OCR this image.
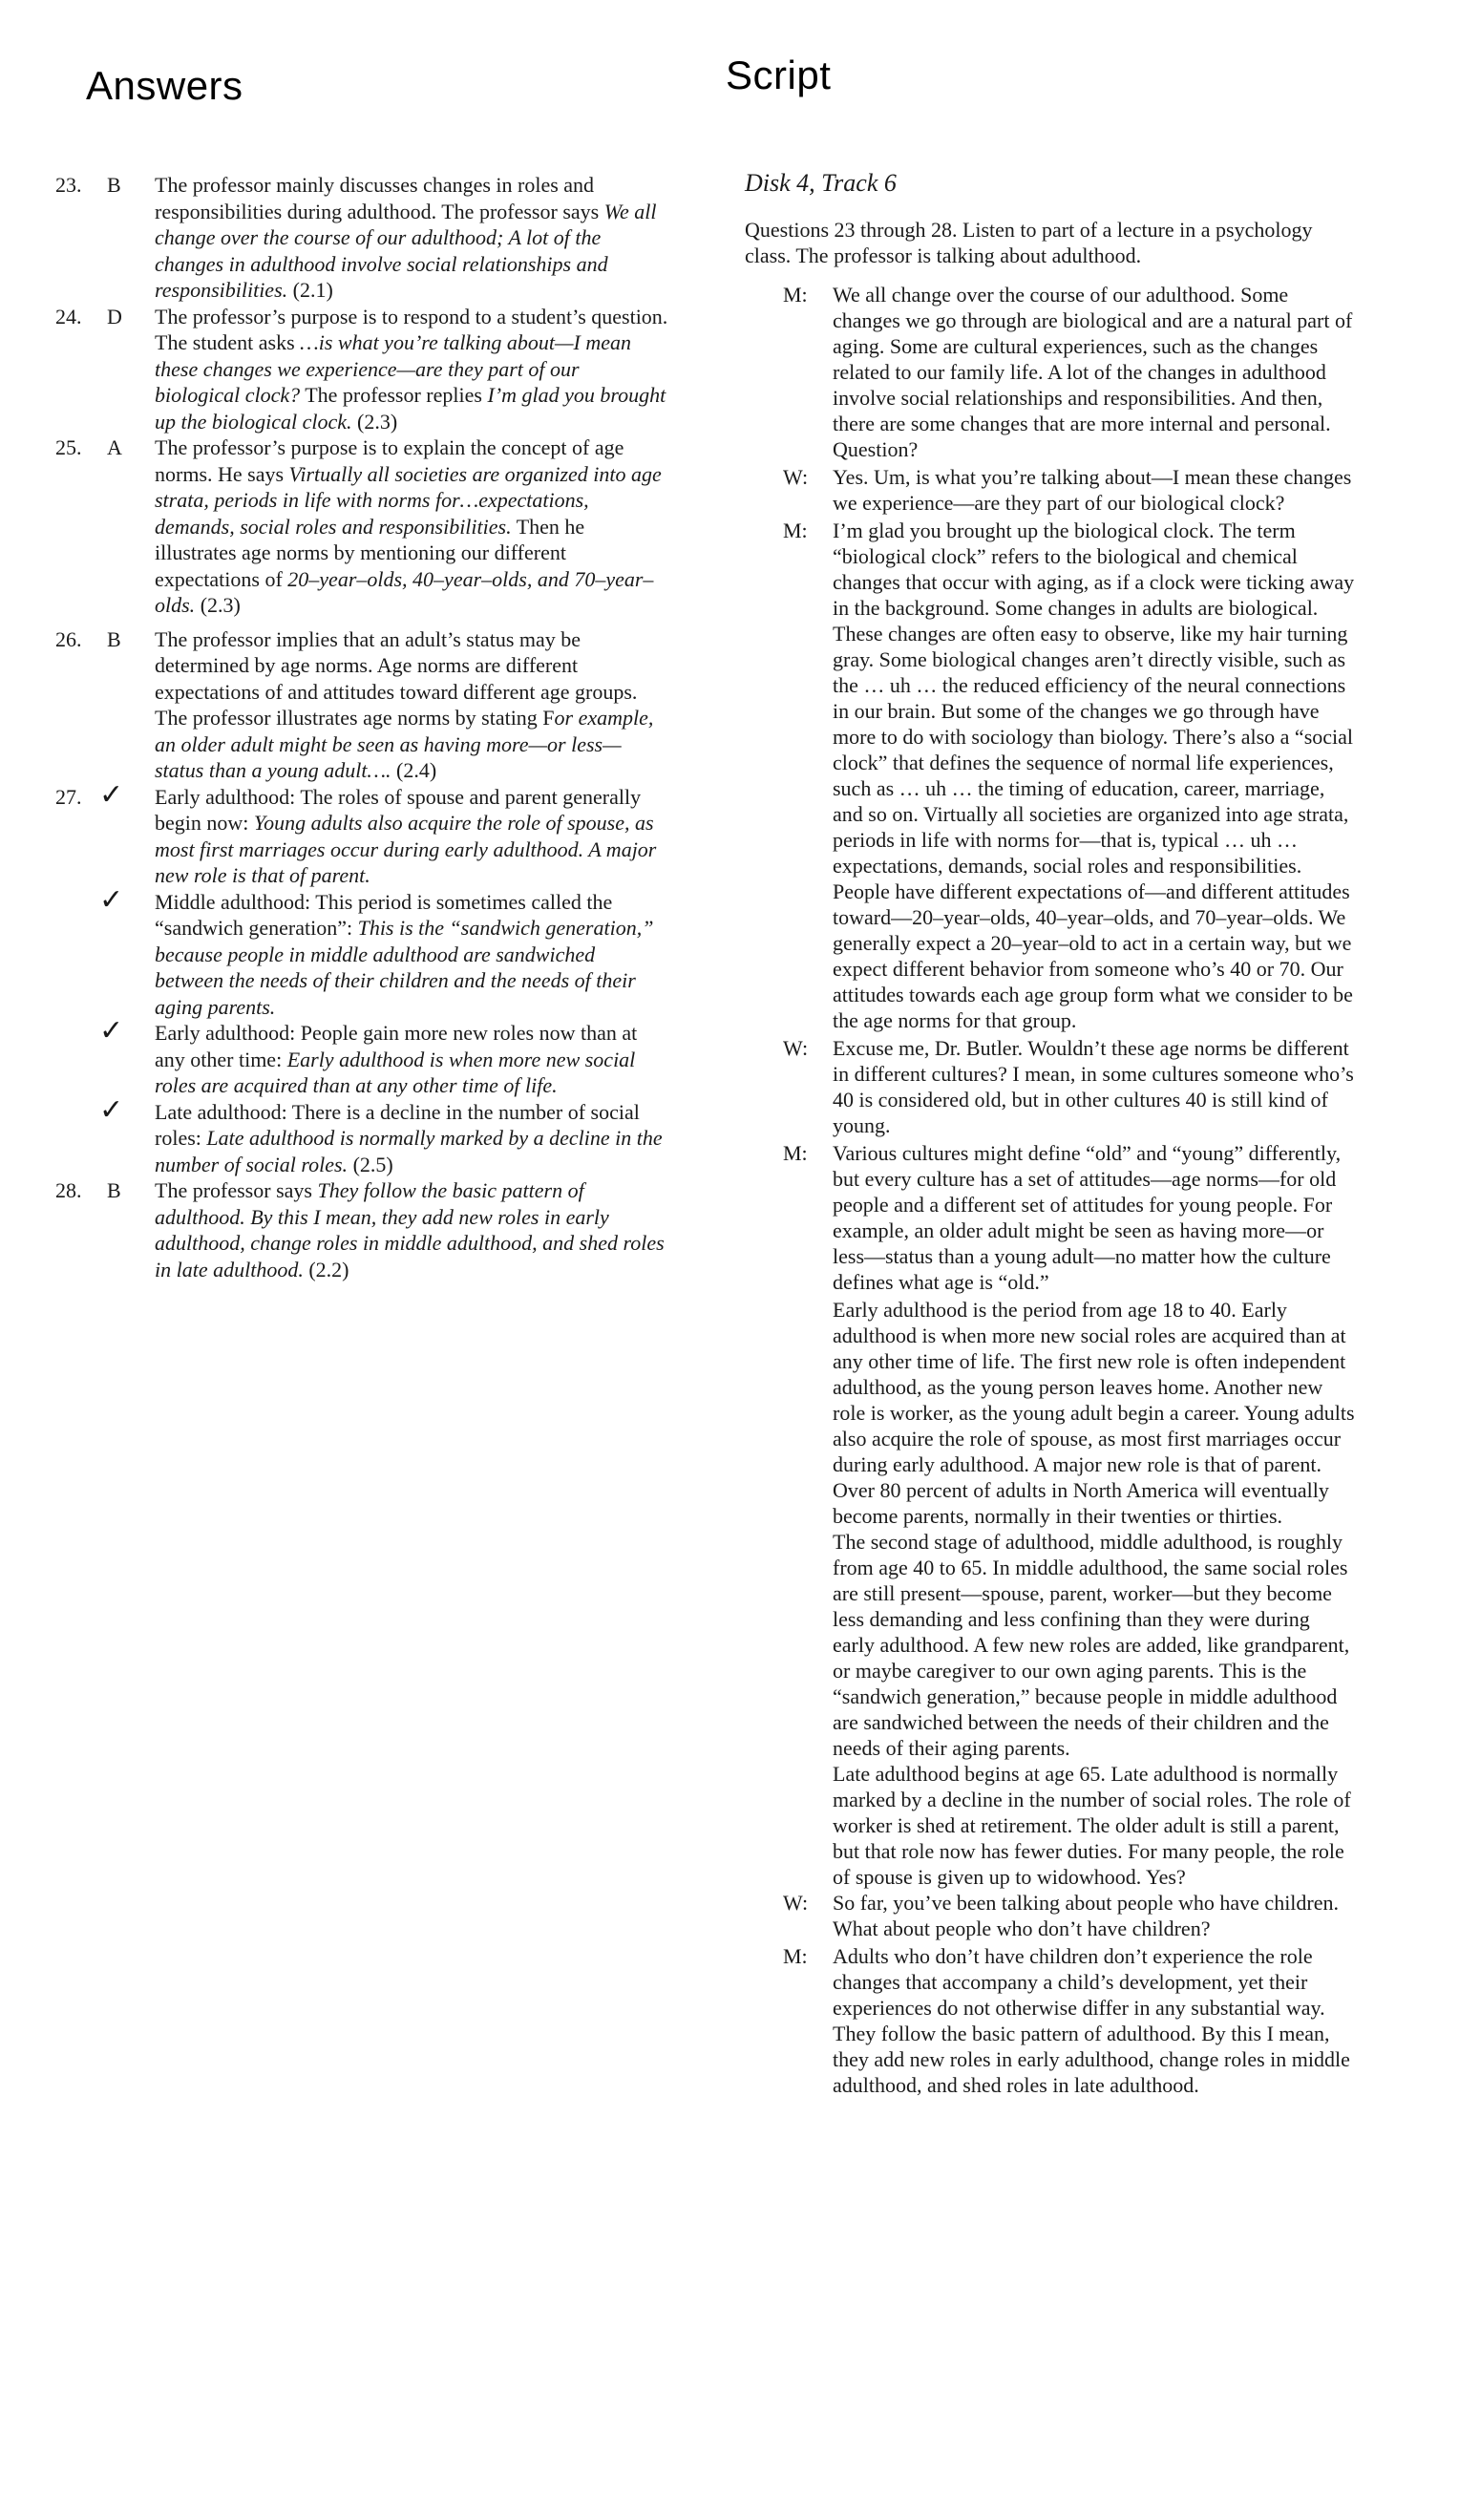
Answers	Script
23.	B	The professor mainly discusses changes in roles and responsibilities during adulthood. The professor says We all change over the course of our adulthood; A lot of the changes in adulthood involve social relationships and responsibilities. (2.1)

24.	D	The professor’s purpose is to respond to a student’s question. The student asks …is what you’re talking about—I mean these changes we experience—are they part of our biological clock? The professor replies I’m glad you brought up the biological clock. (2.3)

25.	A	The professor’s purpose is to explain the concept of age norms. He says Virtually all societies are organized into age strata, periods in life with norms for…expectations, demands, social roles and responsibilities. Then he illustrates age norms by mentioning our different expectations of 20–year–olds, 40–year–olds, and 70–year–olds. (2.3)

26.	B	The professor implies that an adult’s status may be determined by age norms. Age norms are different expectations of and attitudes toward different age groups. The professor illustrates age norms by stating For example, an older adult might be seen as having more—or less—status than a young adult…. (2.4)

27. ✓ Early adulthood: The roles of spouse and parent generally begin now: Young adults also acquire the role of spouse, as most first marriages occur during early adulthood. A major new role is that of parent.

✓ Middle adulthood: This period is sometimes called the “sandwich generation”: This is the “sandwich generation,” because people in middle adulthood are sandwiched between the needs of their children and the needs of their aging parents.

✓ Early adulthood: People gain more new roles now than at any other time: Early adulthood is when more new social roles are acquired than at any other time of life.

✓ Late adulthood: There is a decline in the number of social roles: Late adulthood is normally marked by a decline in the number of social roles. (2.5)

28.	B	The professor says They follow the basic pattern of adulthood. By this I mean, they add new roles in early adulthood, change roles in middle adulthood, and shed roles in late adulthood. (2.2)

Disk 4, Track 6

Questions 23 through 28. Listen to part of a lecture in a psychology class. The professor is talking about adulthood.

M: We all change over the course of our adulthood. Some changes we go through are biological and are a natural part of aging. Some are cultural experiences, such as the changes related to our family life. A lot of the changes in adulthood involve social relationships and responsibilities. And then, there are some changes that are more internal and personal. Question?

W: Yes. Um, is what you’re talking about—I mean these changes we experience—are they part of our biological clock?

M: I’m glad you brought up the biological clock. The term “biological clock” refers to the biological and chemical changes that occur with aging, as if a clock were ticking away in the background. Some changes in adults are biological. These changes are often easy to observe, like my hair turning gray. Some biological changes aren’t directly visible, such as the … uh … the reduced efficiency of the neural connections in our brain. But some of the changes we go through have more to do with sociology than biology. There’s also a “social clock” that defines the sequence of normal life experiences, such as … uh … the timing of education, career, marriage, and so on. Virtually all societies are organized into age strata, periods in life with norms for—that is, typical … uh … expectations, demands, social roles and responsibilities. People have different expectations of—and different attitudes toward—20–year–olds, 40–year–olds, and 70–year–olds. We generally expect a 20–year–old to act in a certain way, but we expect different behavior from someone who’s 40 or 70. Our attitudes towards each age group form what we consider to be the age norms for that group.

W: Excuse me, Dr. Butler. Wouldn’t these age norms be different in different cultures? I mean, in some cultures someone who’s 40 is considered old, but in other cultures 40 is still kind of young.

M: Various cultures might define “old” and “young” differently, but every culture has a set of attitudes—age norms—for old people and a different set of attitudes for young people. For example, an older adult might be seen as having more—or less—status than a young adult—no matter how the culture defines what age is “old.”

Early adulthood is the period from age 18 to 40. Early adulthood is when more new social roles are acquired than at any other time of life. The first new role is often independent adulthood, as the young person leaves home. Another new role is worker, as the young adult begin a career. Young adults also acquire the role of spouse, as most first marriages occur during early adulthood. A major new role is that of parent. Over 80 percent of adults in North America will eventually become parents, normally in their twenties or thirties.

The second stage of adulthood, middle adulthood, is roughly from age 40 to 65. In middle adulthood, the same social roles are still present—spouse, parent, worker—but they become less demanding and less confining than they were during early adulthood. A few new roles are added, like grandparent, or maybe caregiver to our own aging parents. This is the “sandwich generation,” because people in middle adulthood are sandwiched between the needs of their children and the needs of their aging parents.

Late adulthood begins at age 65. Late adulthood is normally marked by a decline in the number of social roles. The role of worker is shed at retirement. The older adult is still a parent, but that role now has fewer duties. For many people, the role of spouse is given up to widowhood. Yes?

W: So far, you’ve been talking about people who have children. What about people who don’t have children?

M: Adults who don’t have children don’t experience the role changes that accompany a child’s development, yet their experiences do not otherwise differ in any substantial way. They follow the basic pattern of adulthood. By this I mean, they add new roles in early adulthood, change roles in middle adulthood, and shed roles in late adulthood.
